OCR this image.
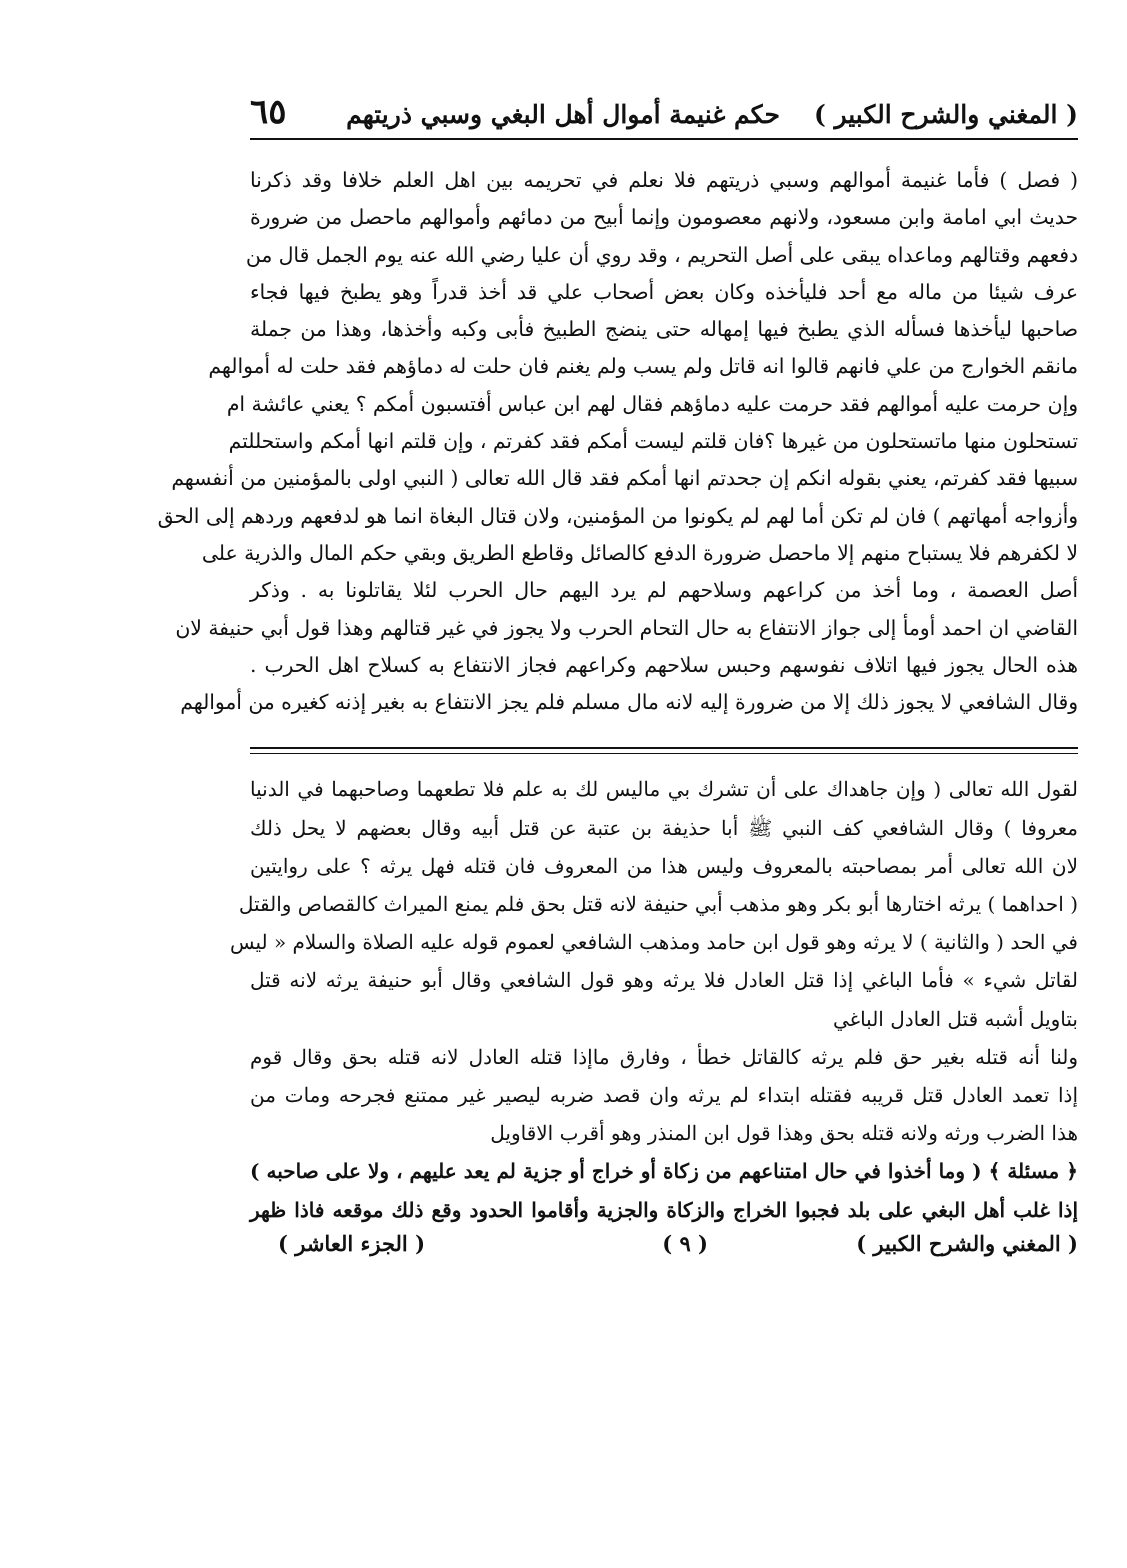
( المغني والشرح الكبير )
حكم غنيمة أموال أهل البغي وسبي ذريتهم
٦٥
( فصل ) فأما غنيمة أموالهم وسبي ذريتهم فلا نعلم في تحريمه بين اهل العلم خلافا وقد ذكرنا
حديث ابي امامة وابن مسعود، ولانهم معصومون وإنما أبيح من دمائهم وأموالهم ماحصل من ضرورة
دفعهم وقتالهم وماعداه يبقى على أصل التحريم ، وقد روي أن عليا رضي الله عنه يوم الجمل قال من
عرف شيئا من ماله مع أحد فليأخذه وكان بعض أصحاب علي قد أخذ قدراً وهو يطبخ فيها فجاء
صاحبها ليأخذها فسأله الذي يطبخ فيها إمهاله حتى ينضج الطبيخ فأبى وكبه وأخذها، وهذا من جملة
مانقم الخوارج من علي فانهم قالوا انه قاتل ولم يسب ولم يغنم فان حلت له دماؤهم فقد حلت له أموالهم
وإن حرمت عليه أموالهم فقد حرمت عليه دماؤهم فقال لهم ابن عباس أفتسبون أمكم ؟ يعني عائشة ام
تستحلون منها ماتستحلون من غيرها ؟فان قلتم ليست أمكم فقد كفرتم ، وإن قلتم انها أمكم واستحللتم
سبيها فقد كفرتم، يعني بقوله انكم إن جحدتم انها أمكم فقد قال الله تعالى ( النبي اولى بالمؤمنين من أنفسهم
وأزواجه أمهاتهم ) فان لم تكن أما لهم لم يكونوا من المؤمنين، ولان قتال البغاة انما هو لدفعهم وردهم إلى الحق
لا لكفرهم فلا يستباح منهم إلا ماحصل ضرورة الدفع كالصائل وقاطع الطريق وبقي حكم المال والذرية على
أصل العصمة ، وما أخذ من كراعهم وسلاحهم لم يرد اليهم حال الحرب لئلا يقاتلونا به . وذكر
القاضي ان احمد أومأ إلى جواز الانتفاع به حال التحام الحرب ولا يجوز في غير قتالهم وهذا قول أبي حنيفة لان
هذه الحال يجوز فيها اتلاف نفوسهم وحبس سلاحهم وكراعهم فجاز الانتفاع به كسلاح اهل الحرب .
وقال الشافعي لا يجوز ذلك إلا من ضرورة إليه لانه مال مسلم فلم يجز الانتفاع به بغير إذنه كغيره من أموالهم
لقول الله تعالى ( وإن جاهداك على أن تشرك بي ماليس لك به علم فلا تطعهما وصاحبهما في الدنيا
معروفا ) وقال الشافعي كف النبي ﷺ أبا حذيفة بن عتبة عن قتل أبيه وقال بعضهم لا يحل ذلك
لان الله تعالى أمر بمصاحبته بالمعروف وليس هذا من المعروف فان قتله فهل يرثه ؟ على روايتين
( احداهما ) يرثه اختارها أبو بكر وهو مذهب أبي حنيفة لانه قتل بحق فلم يمنع الميراث كالقصاص والقتل
في الحد ( والثانية ) لا يرثه وهو قول ابن حامد ومذهب الشافعي لعموم قوله عليه الصلاة والسلام « ليس
لقاتل شيء » فأما الباغي إذا قتل العادل فلا يرثه وهو قول الشافعي وقال أبو حنيفة يرثه لانه قتل
بتاويل أشبه قتل العادل الباغي
ولنا أنه قتله بغير حق فلم يرثه كالقاتل خطأ ، وفارق ماإذا قتله العادل لانه قتله بحق وقال قوم
إذا تعمد العادل قتل قريبه فقتله ابتداء لم يرثه وان قصد ضربه ليصير غير ممتنع فجرحه ومات من
هذا الضرب ورثه ولانه قتله بحق وهذا قول ابن المنذر وهو أقرب الاقاويل
﴿ مسئلة ﴾ ( وما أخذوا في حال امتناعهم من زكاة أو خراج أو جزية لم يعد عليهم ، ولا على صاحبه )
إذا غلب أهل البغي على بلد فجبوا الخراج والزكاة والجزية وأقاموا الحدود وقع ذلك موقعه فاذا ظهر
( المغني والشرح الكبير )
( ٩ )
( الجزء العاشر )
